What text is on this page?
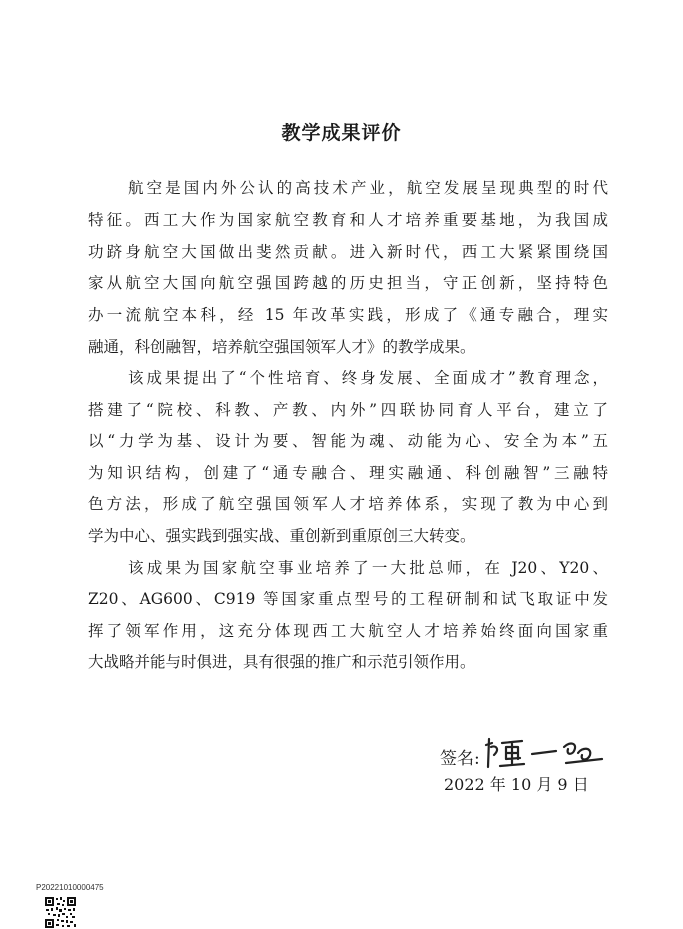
教学成果评价
航空是国内外公认的高技术产业，航空发展呈现典型的时代
特征。西工大作为国家航空教育和人才培养重要基地，为我国成
功跻身航空大国做出斐然贡献。进入新时代，西工大紧紧围绕国
家从航空大国向航空强国跨越的历史担当，守正创新，坚持特色
办一流航空本科，经 15 年改革实践，形成了《通专融合，理实
融通，科创融智，培养航空强国领军人才》的教学成果。
该成果提出了“个性培育、终身发展、全面成才”教育理念，
搭建了“院校、科教、产教、内外”四联协同育人平台，建立了
以“力学为基、设计为要、智能为魂、动能为心、安全为本”五
为知识结构，创建了“通专融合、理实融通、科创融智”三融特
色方法，形成了航空强国领军人才培养体系，实现了教为中心到
学为中心、强实践到强实战、重创新到重原创三大转变。
该成果为国家航空事业培养了一大批总师，在 J20、Y20、
Z20、AG600、C919 等国家重点型号的工程研制和试飞取证中发
挥了领军作用，这充分体现西工大航空人才培养始终面向国家重
大战略并能与时俱进，具有很强的推广和示范引领作用。
签名:
2022 年 10 月 9 日
P20221010000475
